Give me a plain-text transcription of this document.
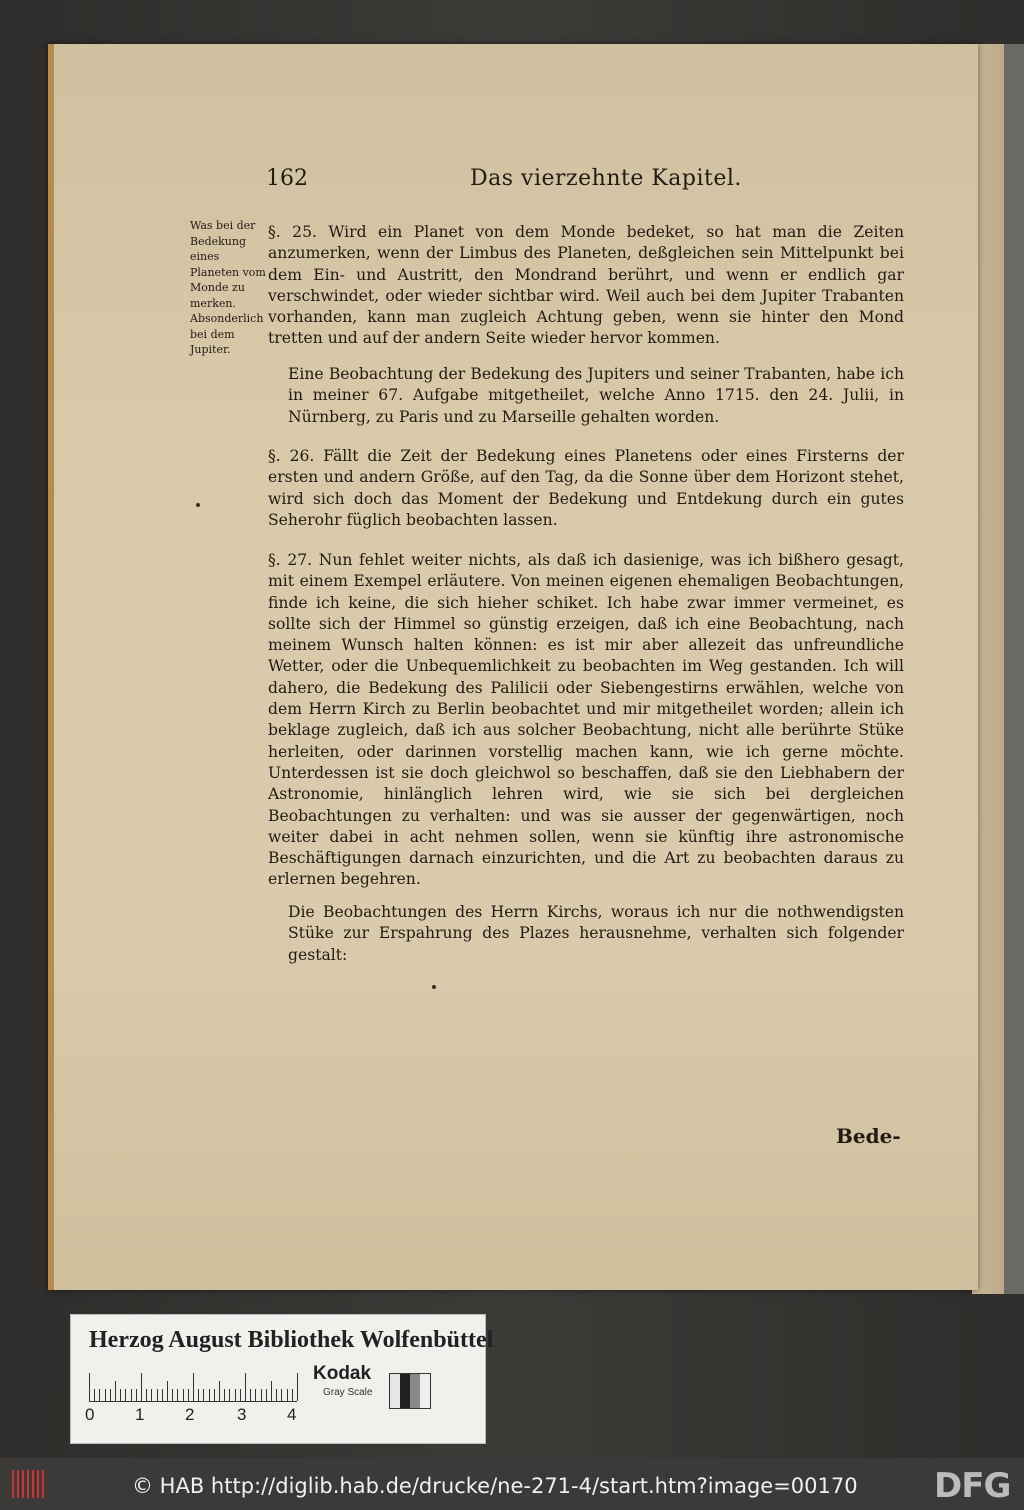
162	Das vierzehnte Kapitel.
Was bei der Bedekung eines Planeten vom Monde zu merken. Absonderlich bei dem Jupiter.
§. 25. Wird ein Planet von dem Monde bedeket, so hat man die Zeiten anzumerken, wenn der Limbus des Planeten, deßgleichen sein Mittelpunkt bei dem Ein- und Austritt, den Mondrand berührt, und wenn er endlich gar verschwindet, oder wieder sichtbar wird. Weil auch bei dem Jupiter Trabanten vorhanden, kann man zugleich Achtung geben, wenn sie hinter den Mond tretten und auf der andern Seite wieder hervor kommen.
Eine Beobachtung der Bedekung des Jupiters und seiner Trabanten, habe ich in meiner 67. Aufgabe mitgetheilet, welche Anno 1715. den 24. Julii, in Nürnberg, zu Paris und zu Marseille gehalten worden.
§. 26. Fällt die Zeit der Bedekung eines Planetens oder eines Firsterns der ersten und andern Größe, auf den Tag, da die Sonne über dem Horizont stehet, wird sich doch das Moment der Bedekung und Entdekung durch ein gutes Seherohr füglich beobachten lassen.
§. 27. Nun fehlet weiter nichts, als daß ich dasienige, was ich bißhero gesagt, mit einem Exempel erläutere. Von meinen eigenen ehemaligen Beobachtungen, finde ich keine, die sich hieher schiket. Ich habe zwar immer vermeinet, es sollte sich der Himmel so günstig erzeigen, daß ich eine Beobachtung, nach meinem Wunsch halten können: es ist mir aber allezeit das unfreundliche Wetter, oder die Unbequemlichkeit zu beobachten im Weg gestanden. Ich will dahero, die Bedekung des Palilicii oder Siebengestirns erwählen, welche von dem Herrn Kirch zu Berlin beobachtet und mir mitgetheilet worden; allein ich beklage zugleich, daß ich aus solcher Beobachtung, nicht alle berührte Stüke herleiten, oder darinnen vorstellig machen kann, wie ich gerne möchte. Unterdessen ist sie doch gleichwol so beschaffen, daß sie den Liebhabern der Astronomie, hinlänglich lehren wird, wie sie sich bei dergleichen Beobachtungen zu verhalten: und was sie ausser der gegenwärtigen, noch weiter dabei in acht nehmen sollen, wenn sie künftig ihre astronomische Beschäftigungen darnach einzurichten, und die Art zu beobachten daraus zu erlernen begehren.
Die Beobachtungen des Herrn Kirchs, woraus ich nur die nothwendigsten Stüke zur Erspahrung des Plazes herausnehme, verhalten sich folgender gestalt:
Bede-
Herzog August Bibliothek Wolfenbüttel
0 1 2	3 4
Kodak
Gray Scale
© HAB http://diglib.hab.de/drucke/ne-271-4/start.htm?image=00170 DFG
